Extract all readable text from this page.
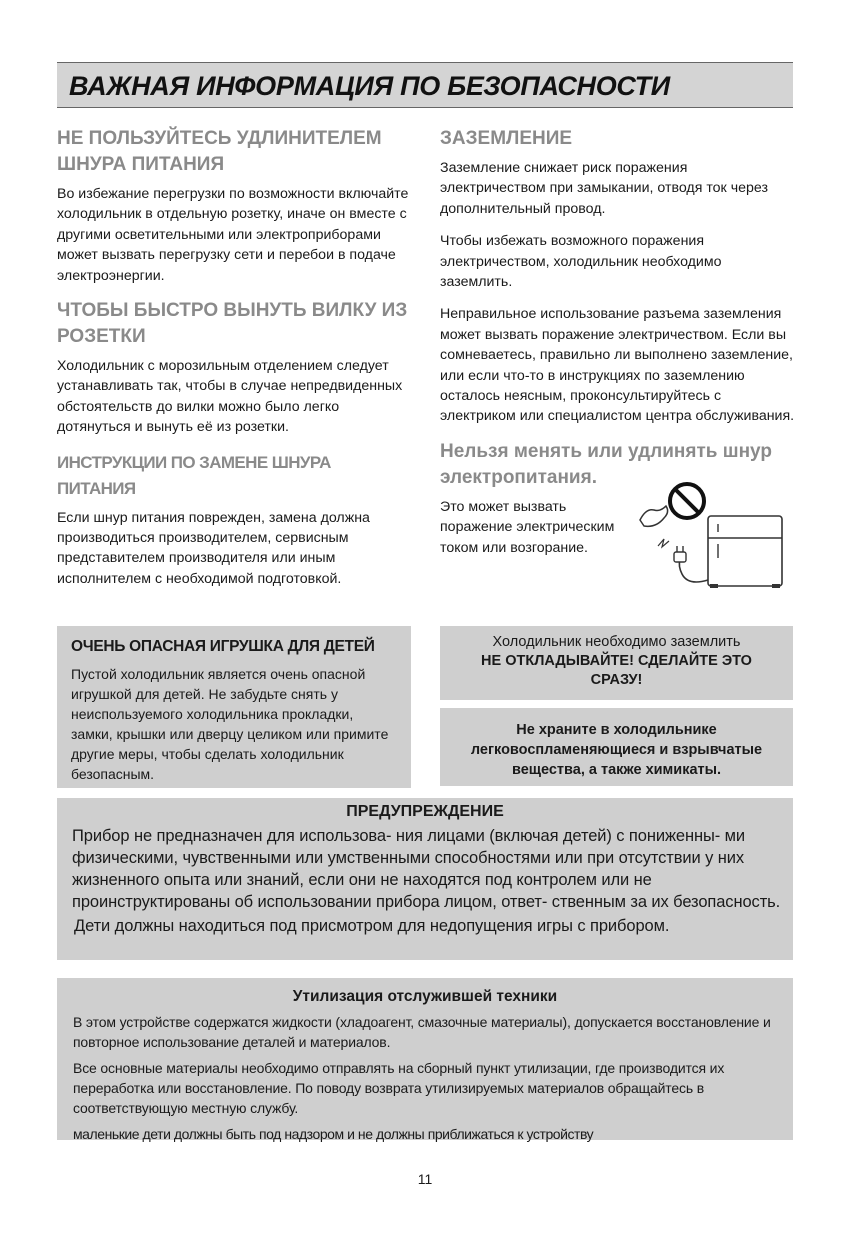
ВАЖНАЯ ИНФОРМАЦИЯ ПО БЕЗОПАСНОСТИ
НЕ ПОЛЬЗУЙТЕСЬ УДЛИНИТЕЛЕМ ШНУРА ПИТАНИЯ

Во избежание перегрузки по возможности включайте холодильник в отдельную розетку, иначе он вместе с другими осветительными или электроприборами может вызвать перегрузку сети и перебои в подаче электроэнергии.

ЧТОБЫ БЫСТРО ВЫНУТЬ ВИЛКУ ИЗ РОЗЕТКИ

Холодильник с морозильным отделением следует устанавливать так, чтобы в случае непредвиденных обстоятельств до вилки можно было легко дотянуться и вынуть её из розетки.

ИНСТРУКЦИИ ПО ЗАМЕНЕ ШНУРА ПИТАНИЯ

Если шнур питания поврежден, замена должна производиться производителем, сервисным представителем производителя или иным исполнителем с необходимой подготовкой.

ЗАЗЕМЛЕНИЕ

Заземление снижает риск поражения электричеством при замыкании, отводя ток через дополнительный провод.

Чтобы избежать возможного поражения электричеством, холодильник необходимо заземлить.

Неправильное использование разъема заземления может вызвать поражение электричеством. Если вы сомневаетесь, правильно ли выполнено заземление, или если что-то в инструкциях по заземлению осталось неясным, проконсультируйтесь с электриком или специалистом центра обслуживания.

Нельзя менять или удлинять шнур электропитания.

Это может вызвать поражение электрическим током или возгорание.

ОЧЕНЬ ОПАСНАЯ ИГРУШКА ДЛЯ ДЕТЕЙ

Пустой холодильник является очень опасной игрушкой для детей. Не забудьте снять у неиспользуемого холодильника прокладки, замки, крышки или дверцу целиком или примите другие меры, чтобы сделать холодильник безопасным.

Холодильник необходимо заземлить
НЕ ОТКЛАДЫВАЙТЕ! СДЕЛАЙТЕ ЭТО СРАЗУ!

Не храните в холодильнике легковоспламеняющиеся и взрывчатые вещества, а также химикаты.

ПРЕДУПРЕЖДЕНИЕ

Прибор не предназначен для использова- ния лицами (включая детей) с пониженны- ми физическими, чувственными или умственными способностями или при отсутствии у них жизненного опыта или знаний, если они не находятся под контролем или не проинструктированы об использовании прибора лицом, ответ- ственным за их безопасность.

Дети должны находиться под присмотром для недопущения игры с прибором.

Утилизация отслужившей техники

В этом устройстве содержатся жидкости (хладоагент, смазочные материалы), допускается восстановление и повторное использование деталей и материалов.

Все основные материалы необходимо отправлять на сборный пункт утилизации, где производится их переработка или восстановление. По поводу возврата утилизируемых материалов обращайтесь в соответствующую местную службу.

маленькие дети должны быть под надзором и не должны приближаться к устройству

11
